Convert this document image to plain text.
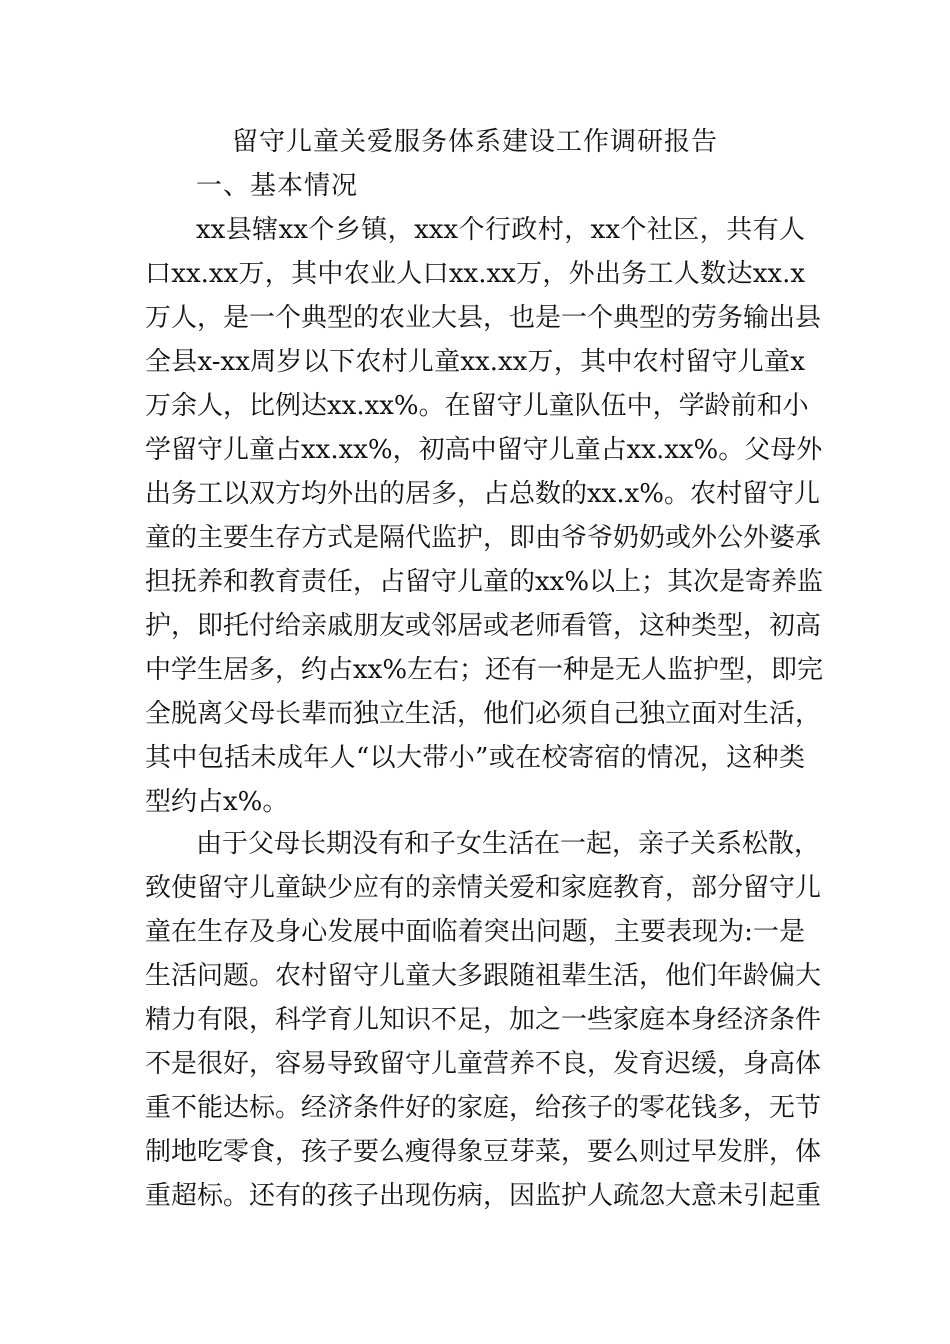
留守儿童关爱服务体系建设工作调研报告
一、基本情况
xx县辖xx个乡镇，xxx个行政村，xx个社区，共有人
口xx.xx万，其中农业人口xx.xx万，外出务工人数达xx.x
万人，是一个典型的农业大县，也是一个典型的劳务输出县
全县x-xx周岁以下农村儿童xx.xx万，其中农村留守儿童x
万余人，比例达xx.xx%。在留守儿童队伍中，学龄前和小
学留守儿童占xx.xx%，初高中留守儿童占xx.xx%。父母外
出务工以双方均外出的居多，占总数的xx.x%。农村留守儿
童的主要生存方式是隔代监护，即由爷爷奶奶或外公外婆承
担抚养和教育责任，占留守儿童的xx%以上；其次是寄养监
护，即托付给亲戚朋友或邻居或老师看管，这种类型，初高
中学生居多，约占xx%左右；还有一种是无人监护型，即完
全脱离父母长辈而独立生活，他们必须自己独立面对生活，
其中包括未成年人“以大带小”或在校寄宿的情况，这种类
型约占x%。
由于父母长期没有和子女生活在一起，亲子关系松散，
致使留守儿童缺少应有的亲情关爱和家庭教育，部分留守儿
童在生存及身心发展中面临着突出问题，主要表现为:一是
生活问题。农村留守儿童大多跟随祖辈生活，他们年龄偏大
精力有限，科学育儿知识不足，加之一些家庭本身经济条件
不是很好，容易导致留守儿童营养不良，发育迟缓，身高体
重不能达标。经济条件好的家庭，给孩子的零花钱多，无节
制地吃零食，孩子要么瘦得象豆芽菜，要么则过早发胖，体
重超标。还有的孩子出现伤病，因监护人疏忽大意未引起重
